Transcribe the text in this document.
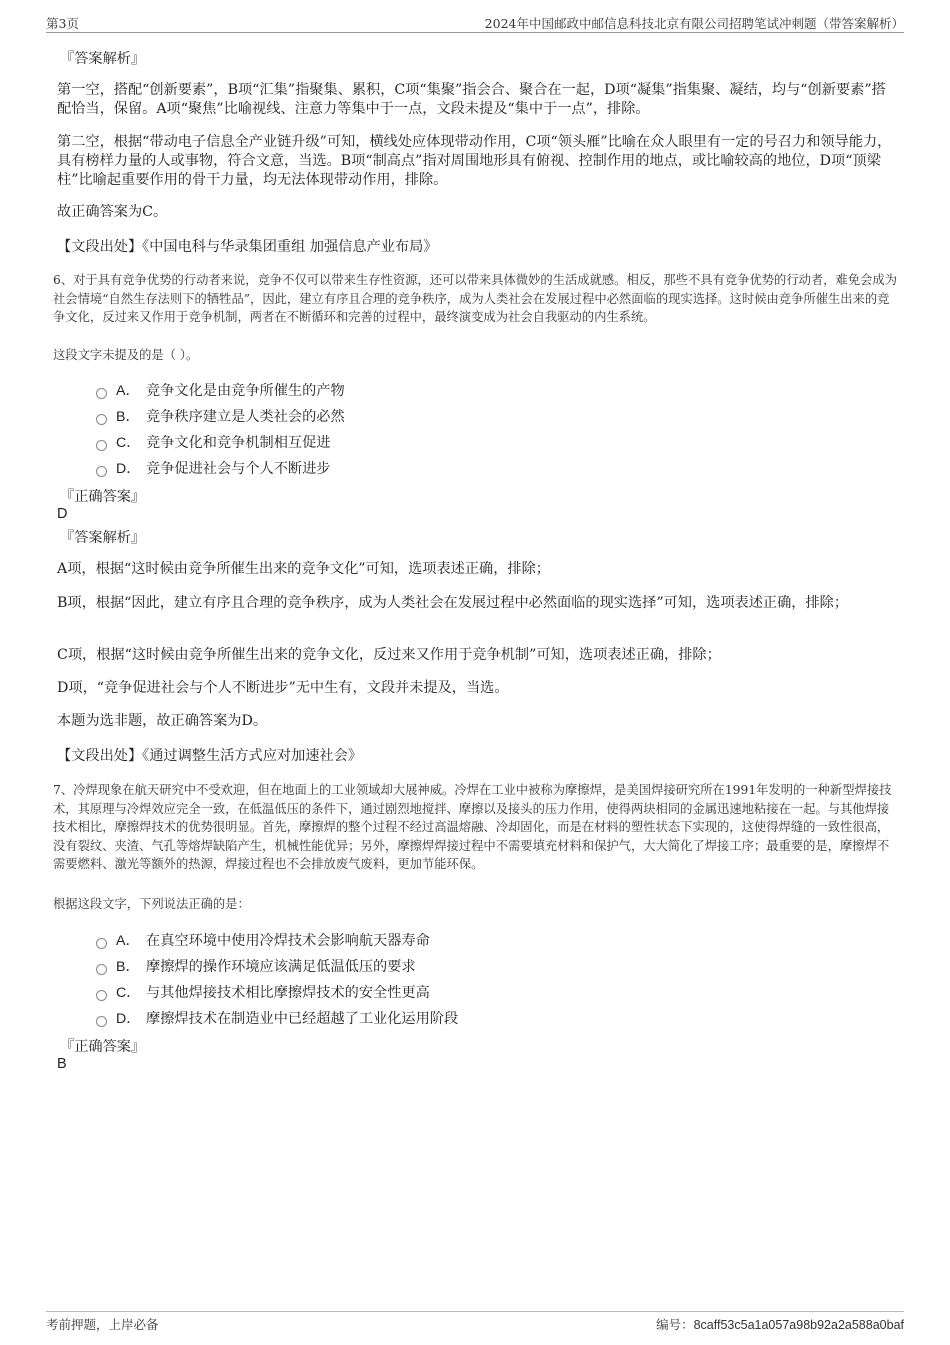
第3页	2024年中国邮政中邮信息科技北京有限公司招聘笔试冲刺题（带答案解析）
『答案解析』
第一空，搭配“创新要素”，B项“汇集”指聚集、累积，C项“集聚”指会合、聚合在一起，D项“凝集”指集聚、凝结，均与“创新要素”搭配恰当，保留。A项“聚焦”比喻视线、注意力等集中于一点，文段未提及“集中于一点”，排除。
第二空，根据“带动电子信息全产业链升级”可知，横线处应体现带动作用，C项“领头雁”比喻在众人眼里有一定的号召力和领导能力，具有榜样力量的人或事物，符合文意，当选。B项“制高点”指对周围地形具有俯视、控制作用的地点，或比喻较高的地位，D项“顶梁柱”比喻起重要作用的骨干力量，均无法体现带动作用，排除。
故正确答案为C。
【文段出处】《中国电科与华录集团重组 加强信息产业布局》
6、对于具有竞争优势的行动者来说，竞争不仅可以带来生存性资源，还可以带来具体微妙的生活成就感。相反，那些不具有竞争优势的行动者，难免会成为社会情境“自然生存法则下的牺牲品”，因此，建立有序且合理的竞争秩序，成为人类社会在发展过程中必然面临的现实选择。这时候由竞争所催生出来的竞争文化，反过来又作用于竞争机制，两者在不断循环和完善的过程中，最终演变成为社会自我驱动的内生系统。
这段文字未提及的是（ ）。
A． 竞争文化是由竞争所催生的产物
B． 竞争秩序建立是人类社会的必然
C． 竞争文化和竞争机制相互促进
D． 竞争促进社会与个人不断进步
『正确答案』
D
『答案解析』
A项，根据“这时候由竞争所催生出来的竞争文化”可知，选项表述正确，排除；
B项，根据“因此，建立有序且合理的竞争秩序，成为人类社会在发展过程中必然面临的现实选择”可知，选项表述正确，排除；
C项，根据“这时候由竞争所催生出来的竞争文化，反过来又作用于竞争机制”可知，选项表述正确，排除；
D项，“竞争促进社会与个人不断进步”无中生有，文段并未提及，当选。
本题为选非题，故正确答案为D。
【文段出处】《通过调整生活方式应对加速社会》
7、冷焊现象在航天研究中不受欢迎，但在地面上的工业领域却大展神威。冷焊在工业中被称为摩擦焊，是美国焊接研究所在1991年发明的一种新型焊接技术，其原理与冷焊效应完全一致，在低温低压的条件下，通过剧烈地搅拌、摩擦以及接头的压力作用，使得两块相同的金属迅速地粘接在一起。与其他焊接技术相比，摩擦焊技术的优势很明显。首先，摩擦焊的整个过程不经过高温熔融、冷却固化，而是在材料的塑性状态下实现的，这使得焊缝的一致性很高，没有裂纹、夹渣、气孔等熔焊缺陷产生，机械性能优异；另外，摩擦焊焊接过程中不需要填充材料和保护气，大大简化了焊接工序；最重要的是，摩擦焊不需要燃料、激光等额外的热源，焊接过程也不会排放废气废料，更加节能环保。
根据这段文字，下列说法正确的是：
A． 在真空环境中使用冷焊技术会影响航天器寿命
B． 摩擦焊的操作环境应该满足低温低压的要求
C． 与其他焊接技术相比摩擦焊技术的安全性更高
D． 摩擦焊技术在制造业中已经超越了工业化运用阶段
『正确答案』
B
考前押题，上岸必备	编号：8caff53c5a1a057a98b92a2a588a0baf
